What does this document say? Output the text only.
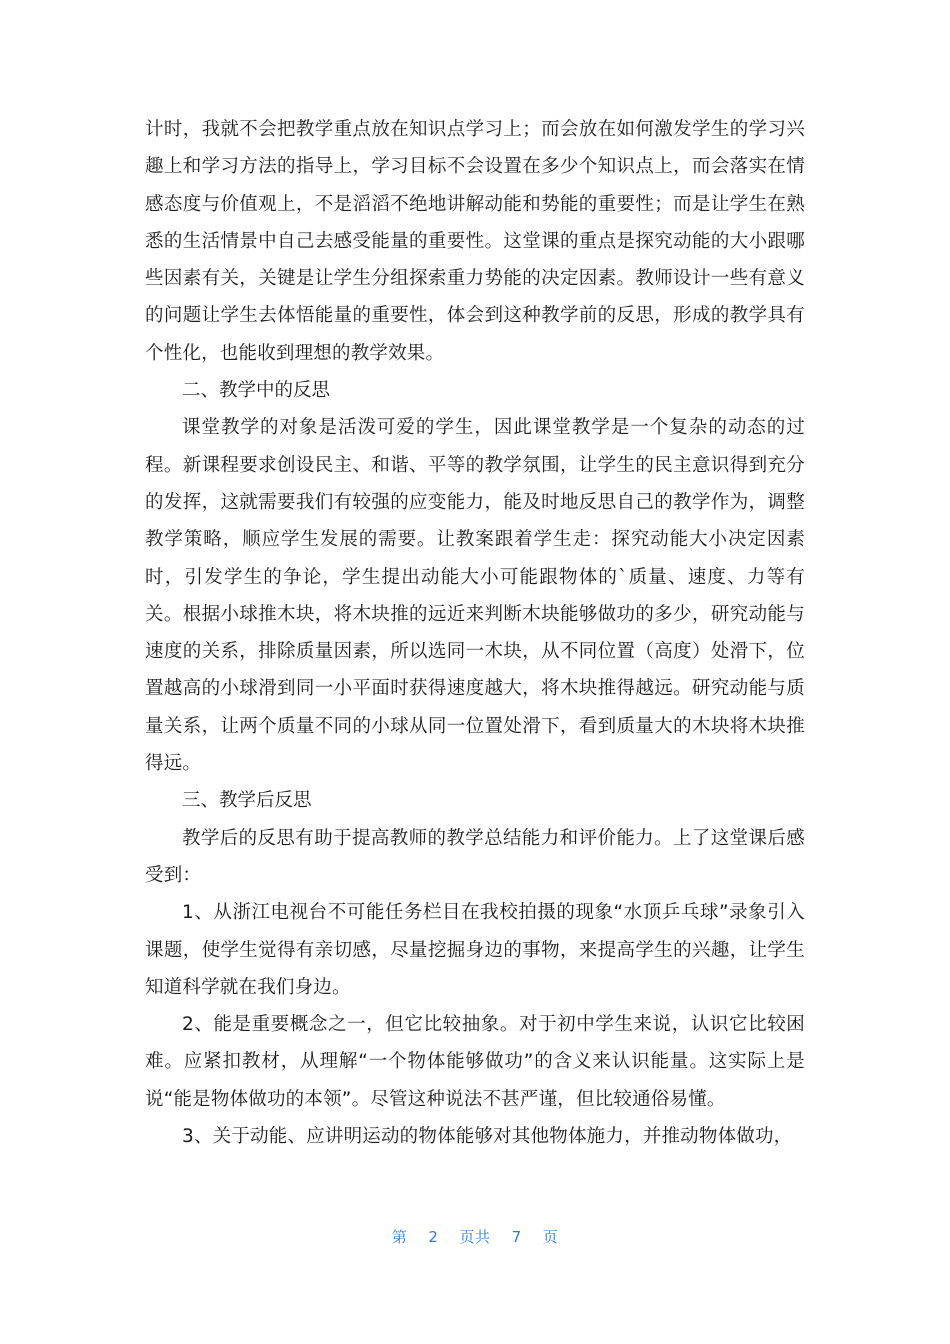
计时，我就不会把教学重点放在知识点学习上；而会放在如何激发学生的学习兴趣上和学习方法的指导上，学习目标不会设置在多少个知识点上，而会落实在情感态度与价值观上，不是滔滔不绝地讲解动能和势能的重要性；而是让学生在熟悉的生活情景中自己去感受能量的重要性。这堂课的重点是探究动能的大小跟哪些因素有关，关键是让学生分组探索重力势能的决定因素。教师设计一些有意义的问题让学生去体悟能量的重要性，体会到这种教学前的反思，形成的教学具有个性化，也能收到理想的教学效果。

二、教学中的反思

课堂教学的对象是活泼可爱的学生，因此课堂教学是一个复杂的动态的过程。新课程要求创设民主、和谐、平等的教学氛围，让学生的民主意识得到充分的发挥，这就需要我们有较强的应变能力，能及时地反思自己的教学作为，调整教学策略，顺应学生发展的需要。让教案跟着学生走：探究动能大小决定因素时，引发学生的争论，学生提出动能大小可能跟物体的`质量、速度、力等有关。根据小球推木块，将木块推的远近来判断木块能够做功的多少，研究动能与速度的关系，排除质量因素，所以选同一木块，从不同位置（高度）处滑下，位置越高的小球滑到同一小平面时获得速度越大，将木块推得越远。研究动能与质量关系，让两个质量不同的小球从同一位置处滑下，看到质量大的木块将木块推得远。

三、教学后反思

教学后的反思有助于提高教师的教学总结能力和评价能力。上了这堂课后感受到：

1、从浙江电视台不可能任务栏目在我校拍摄的现象“水顶乒乓球”录象引入课题，使学生觉得有亲切感，尽量挖掘身边的事物，来提高学生的兴趣，让学生知道科学就在我们身边。

2、能是重要概念之一，但它比较抽象。对于初中学生来说，认识它比较困难。应紧扣教材，从理解“一个物体能够做功”的含义来认识能量。这实际上是说“能是物体做功的本领”。尽管这种说法不甚严谨，但比较通俗易懂。

3、关于动能、应讲明运动的物体能够对其他物体施力，并推动物体做功，

第 2 页共 7 页
